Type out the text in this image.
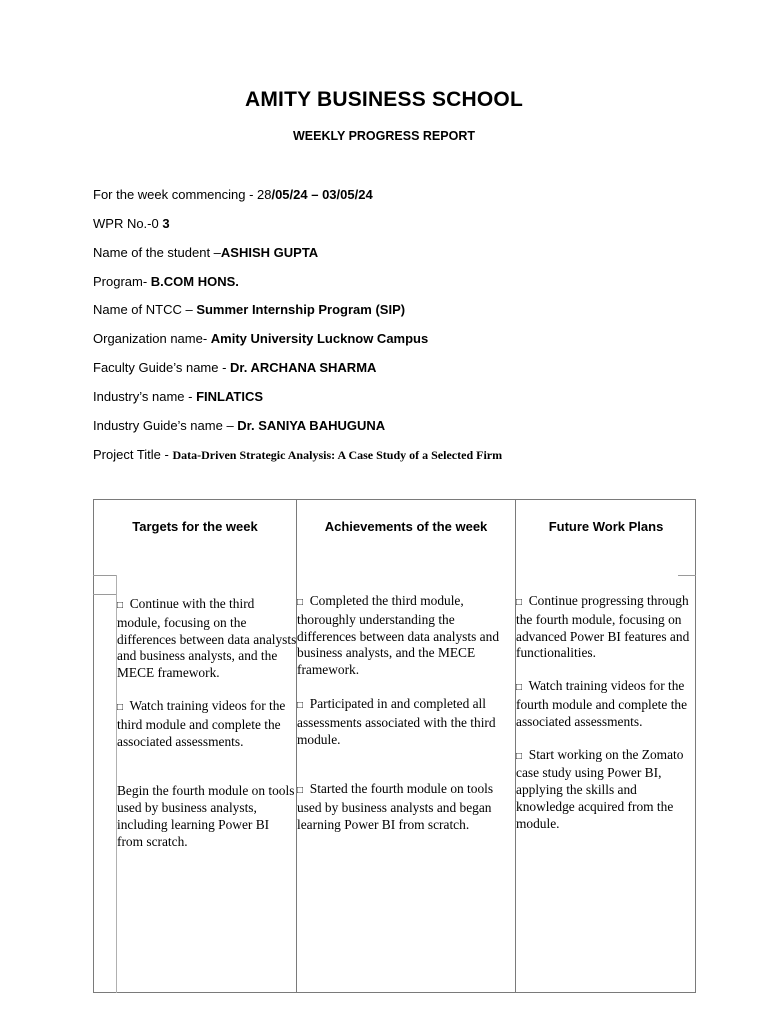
AMITY BUSINESS SCHOOL
WEEKLY PROGRESS REPORT
For the week commencing - 28/05/24 – 03/05/24
WPR No.-0 3
Name of the student –ASHISH GUPTA
Program- B.COM HONS.
Name of NTCC – Summer Internship Program (SIP)
Organization name- Amity University Lucknow Campus
Faculty Guide’s name - Dr. ARCHANA SHARMA
Industry’s name - FINLATICS
Industry Guide’s name – Dr. SANIYA BAHUGUNA
Project Title - Data-Driven Strategic Analysis: A Case Study of a Selected Firm
Targets for the week	Achievements of the week	Future Work Plans

□ Continue with the third module, focusing on the differences between data analysts and business analysts, and the MECE framework.

□ Watch training videos for the third module and complete the associated assessments.

Begin the fourth module on tools used by business analysts, including learning Power BI from scratch.

□ Completed the third module, thoroughly understanding the differences between data analysts and business analysts, and the MECE framework.

□ Participated in and completed all assessments associated with the third module.

□ Started the fourth module on tools used by business analysts and began learning Power BI from scratch.

□ Continue progressing through the fourth module, focusing on advanced Power BI features and functionalities.

□ Watch training videos for the fourth module and complete the associated assessments.

□ Start working on the Zomato case study using Power BI, applying the skills and knowledge acquired from the module.
